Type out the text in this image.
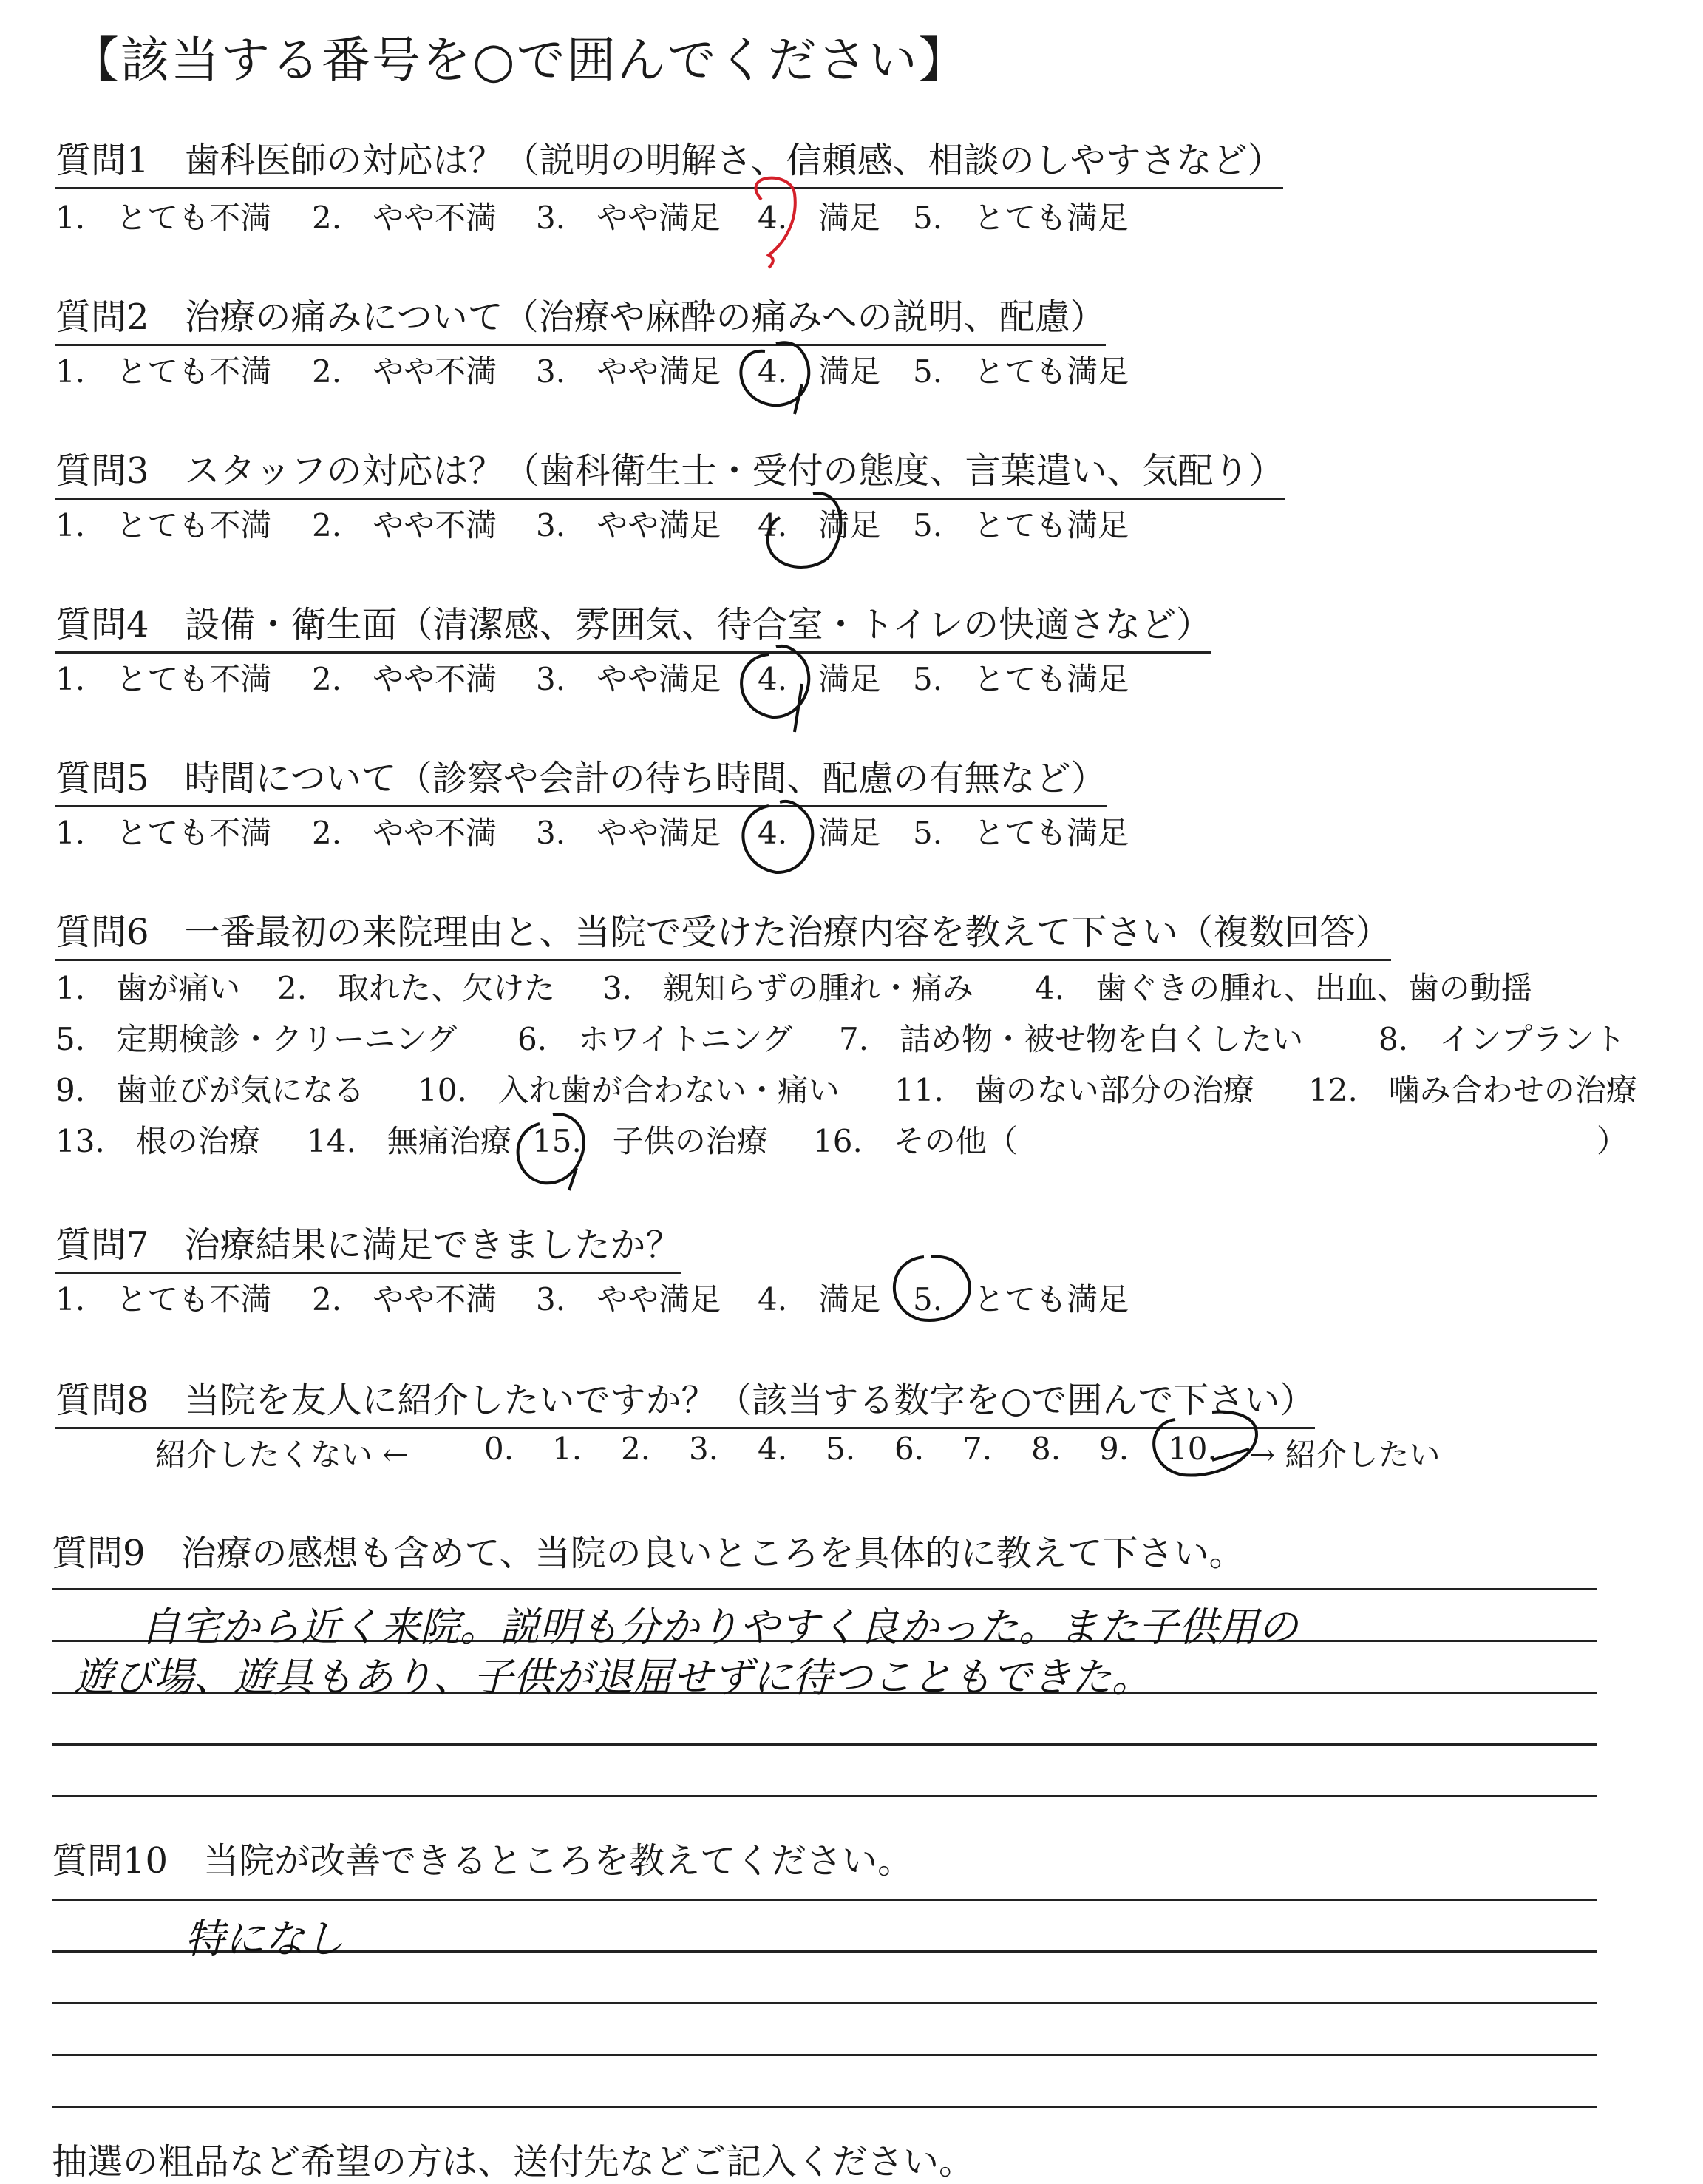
【該当する番号を○で囲んでください】
質問1　歯科医師の対応は？（説明の明解さ、信頼感、相談のしやすさなど）
1.　とても不満 2.　やや不満 3.　やや満足 4.　満足 5.　とても満足
質問2　治療の痛みについて（治療や麻酔の痛みへの説明、配慮）
1.　とても不満 2.　やや不満 3.　やや満足 4.　満足 5.　とても満足
質問3　スタッフの対応は？（歯科衛生士・受付の態度、言葉遣い、気配り）
1.　とても不満 2.　やや不満 3.　やや満足 4.　満足 5.　とても満足
質問4　設備・衛生面（清潔感、雰囲気、待合室・トイレの快適さなど）
1.　とても不満 2.　やや不満 3.　やや満足 4.　満足 5.　とても満足
質問5　時間について（診察や会計の待ち時間、配慮の有無など）
1.　とても不満 2.　やや不満 3.　やや満足 4.　満足 5.　とても満足
質問6　一番最初の来院理由と、当院で受けた治療内容を教えて下さい（複数回答）
1.　歯が痛い 2.　取れた、欠けた 3.　親知らずの腫れ・痛み 4.　歯ぐきの腫れ、出血、歯の動揺
5.　定期検診・クリーニング 6.　ホワイトニング 7.　詰め物・被せ物を白くしたい 8.　インプラント
9.　歯並びが気になる 10.　入れ歯が合わない・痛い 11.　歯のない部分の治療 12.　噛み合わせの治療
13.　根の治療 14.　無痛治療 15.　子供の治療 16.　その他（	）
質問7　治療結果に満足できましたか？
1.　とても不満 2.　やや不満 3.　やや満足 4.　満足 5.　とても満足
質問8　当院を友人に紹介したいですか？（該当する数字を○で囲んで下さい）
紹介したくない ← 0. 1. 2. 3. 4. 5. 6. 7. 8. 9. 10. → 紹介したい
質問9　治療の感想も含めて、当院の良いところを具体的に教えて下さい。
自宅から近く来院。説明も分かりやすく良かった。また子供用の
遊び場、遊具もあり、子供が退屈せずに待つこともできた。
質問10　当院が改善できるところを教えてください。
特になし
抽選の粗品など希望の方は、送付先などご記入ください。
